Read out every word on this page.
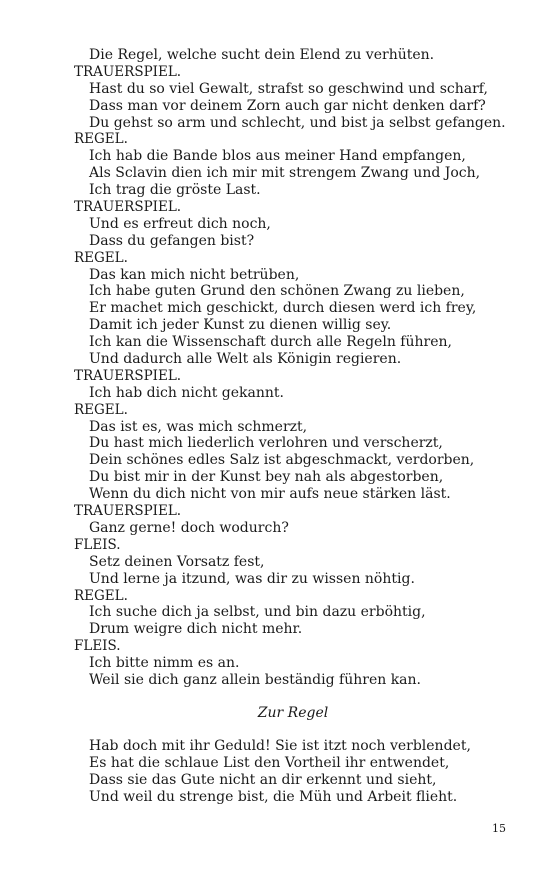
Die Regel, welche sucht dein Elend zu verhüten.
TRAUERSPIEL.
Hast du so viel Gewalt, strafst so geschwind und scharf,
Dass man vor deinem Zorn auch gar nicht denken darf?
Du gehst so arm und schlecht, und bist ja selbst gefangen.
REGEL.
Ich hab die Bande blos aus meiner Hand empfangen,
Als Sclavin dien ich mir mit strengem Zwang und Joch,
Ich trag die gröste Last.
TRAUERSPIEL.
Und es erfreut dich noch,
Dass du gefangen bist?
REGEL.
Das kan mich nicht betrüben,
Ich habe guten Grund den schönen Zwang zu lieben,
Er machet mich geschickt, durch diesen werd ich frey,
Damit ich jeder Kunst zu dienen willig sey.
Ich kan die Wissenschaft durch alle Regeln führen,
Und dadurch alle Welt als Königin regieren.
TRAUERSPIEL.
Ich hab dich nicht gekannt.
REGEL.
Das ist es, was mich schmerzt,
Du hast mich liederlich verlohren und verscherzt,
Dein schönes edles Salz ist abgeschmackt, verdorben,
Du bist mir in der Kunst bey nah als abgestorben,
Wenn du dich nicht von mir aufs neue stärken läst.
TRAUERSPIEL.
Ganz gerne! doch wodurch?
FLEIS.
Setz deinen Vorsatz fest,
Und lerne ja itzund, was dir zu wissen nöhtig.
REGEL.
Ich suche dich ja selbst, und bin dazu erböhtig,
Drum weigre dich nicht mehr.
FLEIS.
Ich bitte nimm es an.
Weil sie dich ganz allein beständig führen kan.
Zur Regel
Hab doch mit ihr Geduld! Sie ist itzt noch verblendet,
Es hat die schlaue List den Vortheil ihr entwendet,
Dass sie das Gute nicht an dir erkennt und sieht,
Und weil du strenge bist, die Müh und Arbeit flieht.
15
